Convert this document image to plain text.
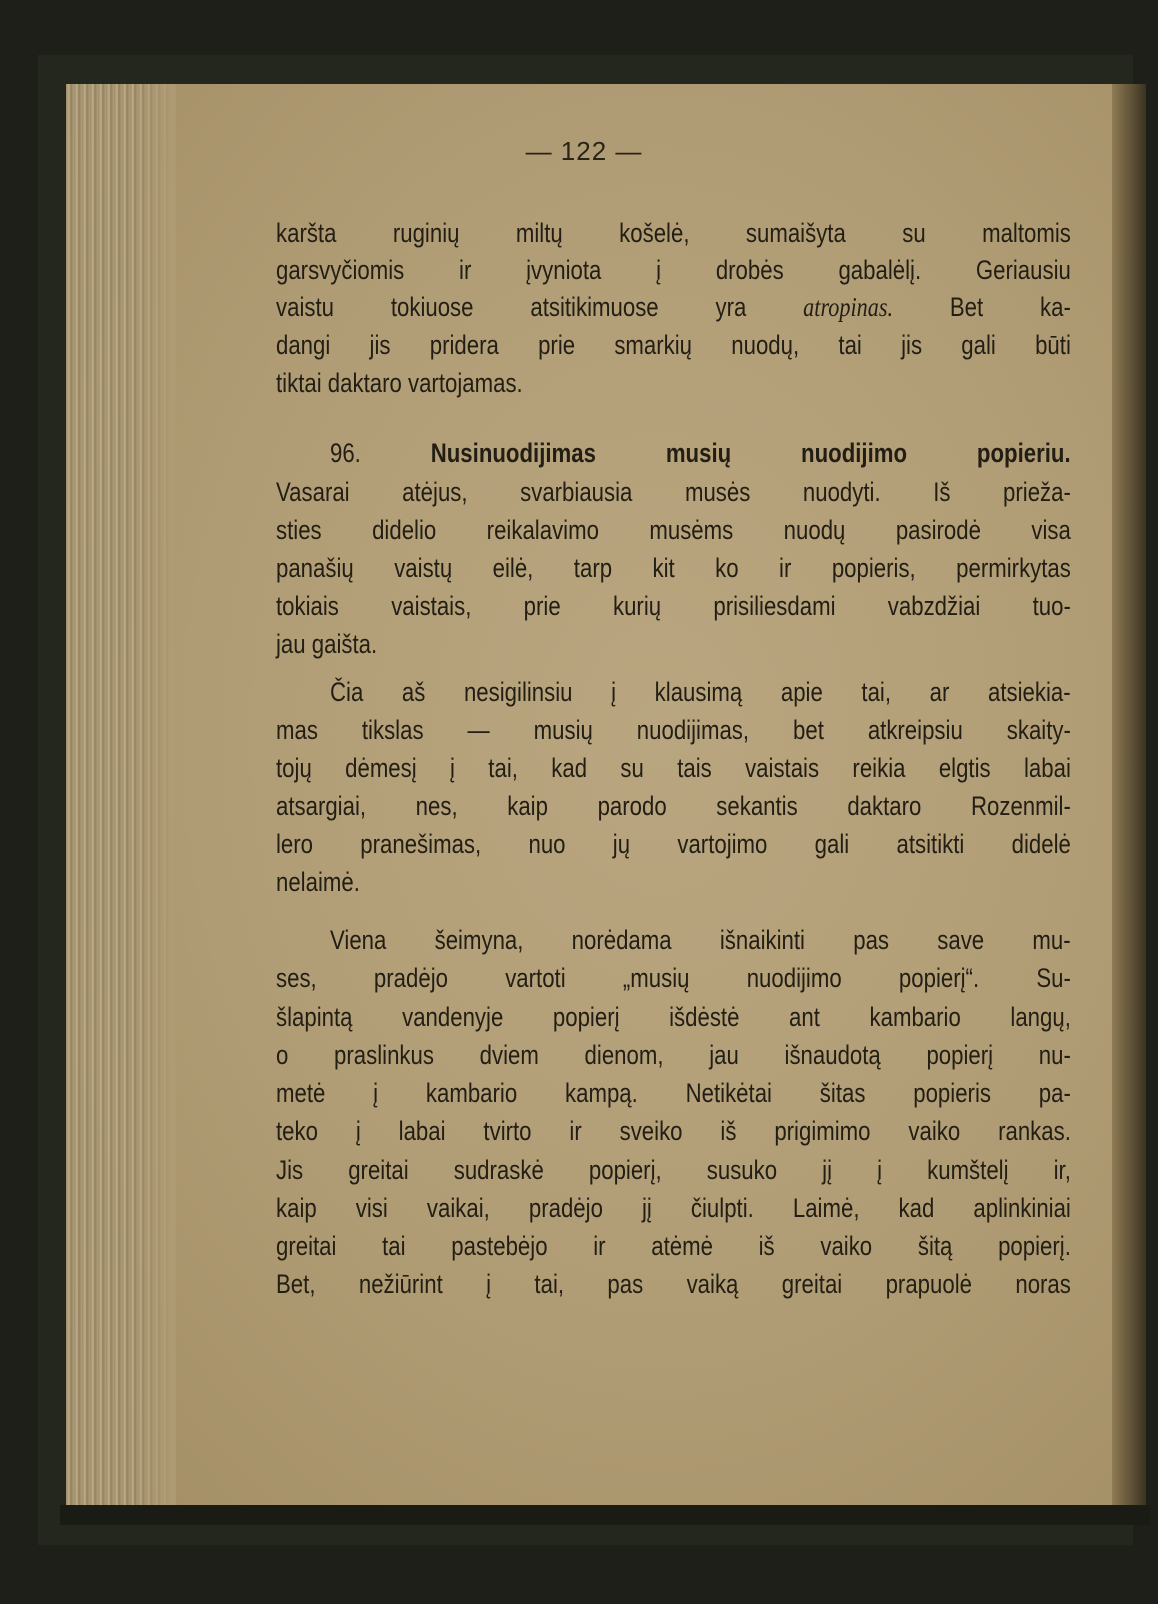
— 122 —
karšta ruginių miltų košelė, sumaišyta su maltomis
garsvyčiomis ir įvyniota į drobės gabalėlį. Geriausiu
vaistu tokiuose atsitikimuose yra atropinas. Bet ka-
dangi jis pridera prie smarkių nuodų, tai jis gali būti
tiktai daktaro vartojamas.
96. Nusinuodijimas musių nuodijimo popieriu.
Vasarai atėjus, svarbiausia musės nuodyti. Iš prieža-
sties didelio reikalavimo musėms nuodų pasirodė visa
panašių vaistų eilė, tarp kit ko ir popieris, permirkytas
tokiais vaistais, prie kurių prisiliesdami vabzdžiai tuo-
jau gaišta.
Čia aš nesigilinsiu į klausimą apie tai, ar atsiekia-
mas tikslas — musių nuodijimas, bet atkreipsiu skaity-
tojų dėmesį į tai, kad su tais vaistais reikia elgtis labai
atsargiai, nes, kaip parodo sekantis daktaro Rozenmil-
lero pranešimas, nuo jų vartojimo gali atsitikti didelė
nelaimė.
Viena šeimyna, norėdama išnaikinti pas save mu-
ses, pradėjo vartoti „musių nuodijimo popierį“. Su-
šlapintą vandenyje popierį išdėstė ant kambario langų,
o praslinkus dviem dienom, jau išnaudotą popierį nu-
metė į kambario kampą. Netikėtai šitas popieris pa-
teko į labai tvirto ir sveiko iš prigimimo vaiko rankas.
Jis greitai sudraskė popierį, susuko jį į kumštelį ir,
kaip visi vaikai, pradėjo jį čiulpti. Laimė, kad aplinkiniai
greitai tai pastebėjo ir atėmė iš vaiko šitą popierį.
Bet, nežiūrint į tai, pas vaiką greitai prapuolė noras
